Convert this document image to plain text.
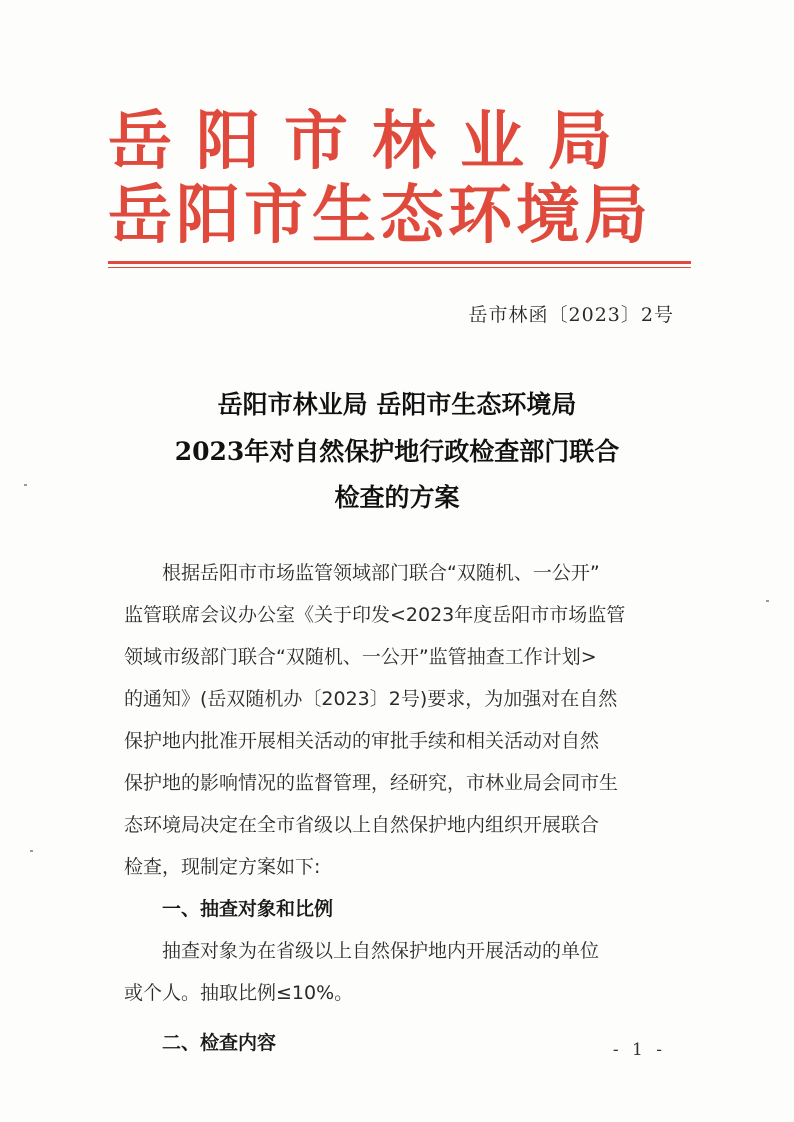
岳阳市林业局
岳阳市生态环境局
岳市林函〔2023〕2号
岳阳市林业局 岳阳市生态环境局
2023年对自然保护地行政检查部门联合
检查的方案
根据岳阳市市场监管领域部门联合“双随机、一公开”
监管联席会议办公室《关于印发<2023年度岳阳市市场监管
领域市级部门联合“双随机、一公开”监管抽查工作计划>
的通知》(岳双随机办〔2023〕2号)要求，为加强对在自然
保护地内批准开展相关活动的审批手续和相关活动对自然
保护地的影响情况的监督管理，经研究，市林业局会同市生
态环境局决定在全市省级以上自然保护地内组织开展联合
检查，现制定方案如下:
一、抽查对象和比例
抽查对象为在省级以上自然保护地内开展活动的单位
或个人。抽取比例≤10%。
二、检查内容	- 1 -
